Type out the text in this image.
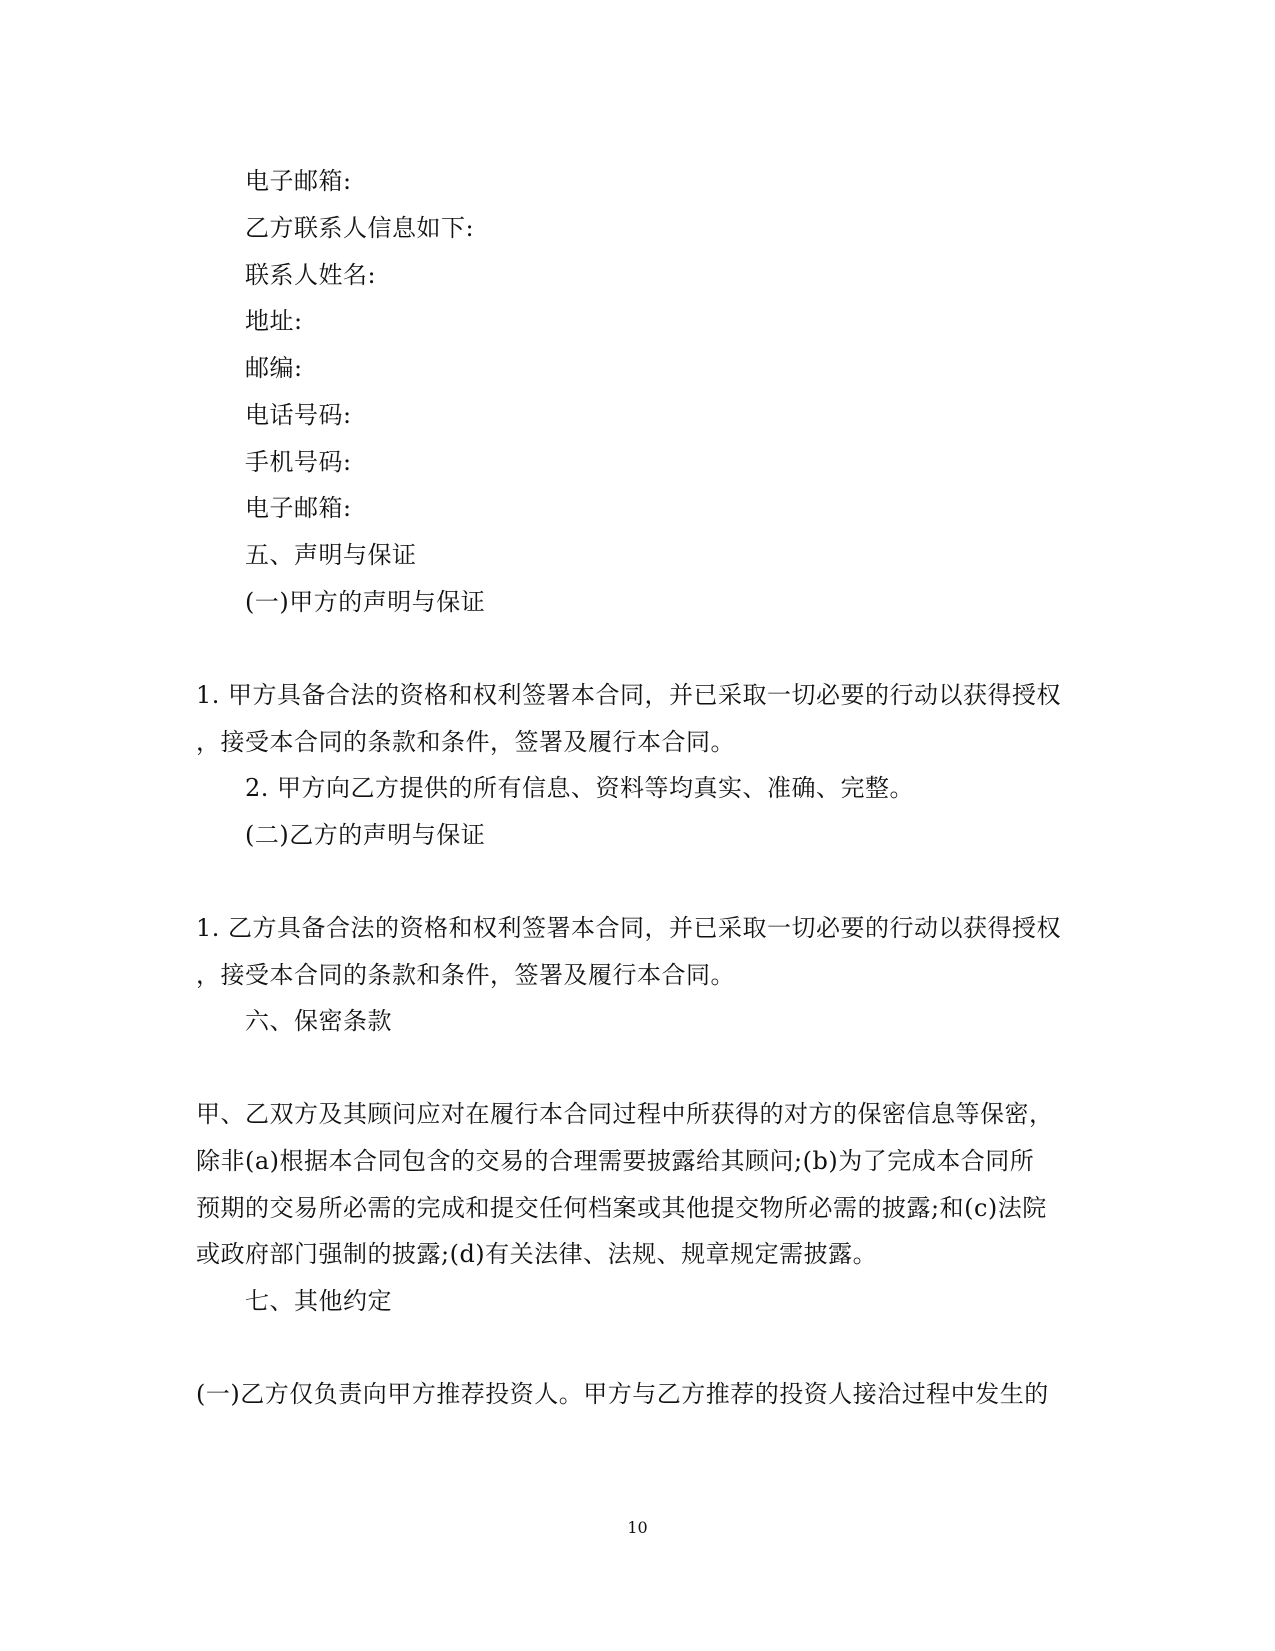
电子邮箱:
乙方联系人信息如下:
联系人姓名:
地址:
邮编:
电话号码:
手机号码:
电子邮箱:
五、声明与保证
(一)甲方的声明与保证
1. 甲方具备合法的资格和权利签署本合同，并已采取一切必要的行动以获得授权
，接受本合同的条款和条件，签署及履行本合同。
2. 甲方向乙方提供的所有信息、资料等均真实、准确、完整。
(二)乙方的声明与保证
1. 乙方具备合法的资格和权利签署本合同，并已采取一切必要的行动以获得授权
，接受本合同的条款和条件，签署及履行本合同。
六、保密条款
甲、乙双方及其顾问应对在履行本合同过程中所获得的对方的保密信息等保密，
除非(a)根据本合同包含的交易的合理需要披露给其顾问;(b)为了完成本合同所
预期的交易所必需的完成和提交任何档案或其他提交物所必需的披露;和(c)法院
或政府部门强制的披露;(d)有关法律、法规、规章规定需披露。
七、其他约定
(一)乙方仅负责向甲方推荐投资人。甲方与乙方推荐的投资人接洽过程中发生的
10
